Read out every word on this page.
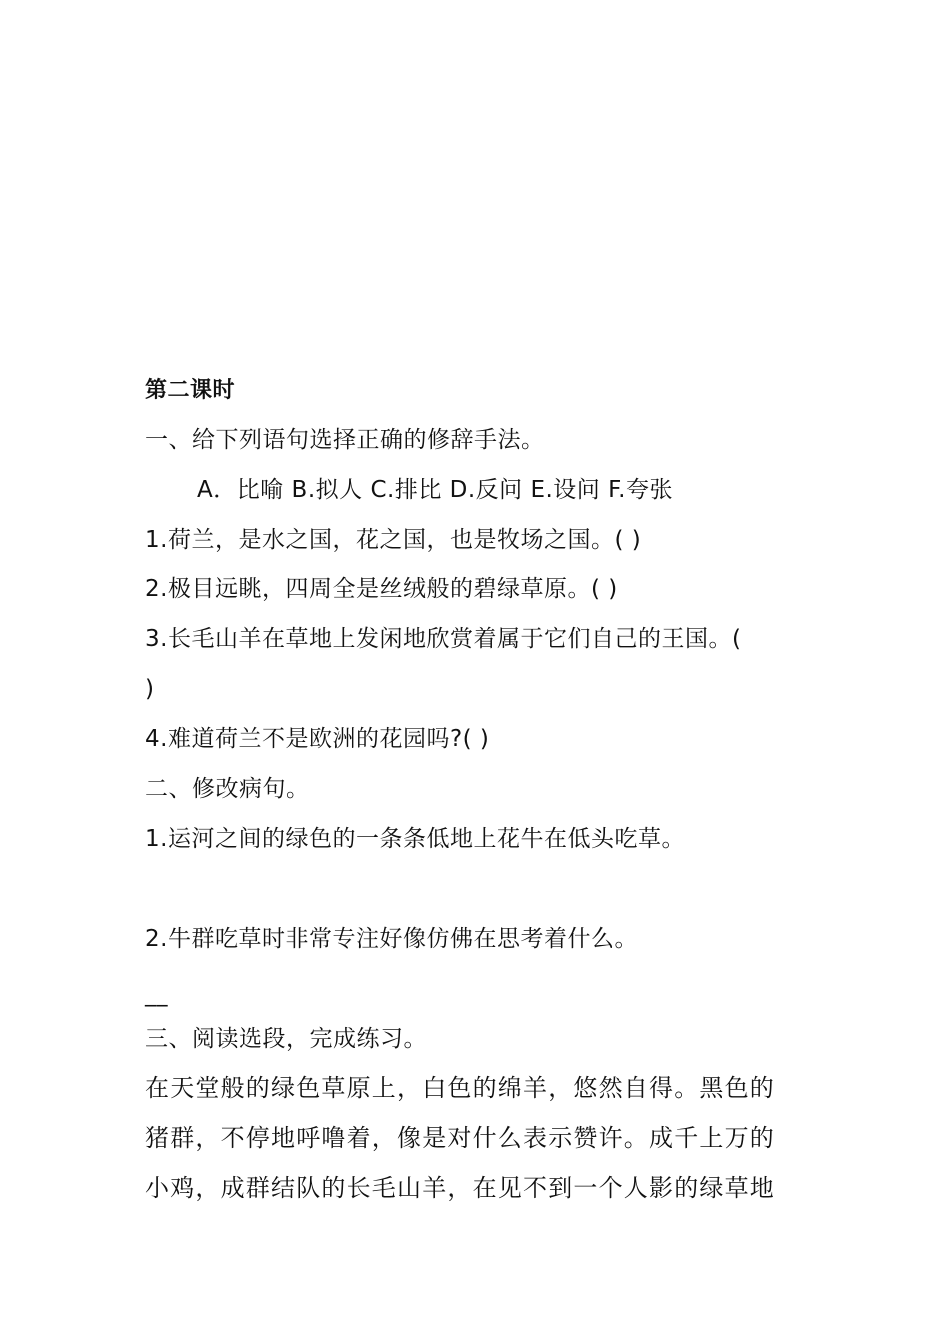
第二课时
一、给下列语句选择正确的修辞手法。
A．比喻 B.拟人 C.排比 D.反问 E.设问 F.夸张
1.荷兰，是水之国，花之国，也是牧场之国。( )
2.极目远眺，四周全是丝绒般的碧绿草原。( )
3.长毛山羊在草地上发闲地欣赏着属于它们自己的王国。(
)
4.难道荷兰不是欧洲的花园吗?( )
二、修改病句。
1.运河之间的绿色的一条条低地上花牛在低头吃草。
2.牛群吃草时非常专注好像仿佛在思考着什么。
__
三、阅读选段，完成练习。
在天堂般的绿色草原上，白色的绵羊，悠然自得。黑色的
猪群，不停地呼噜着，像是对什么表示赞许。成千上万的
小鸡，成群结队的长毛山羊，在见不到一个人影的绿草地
